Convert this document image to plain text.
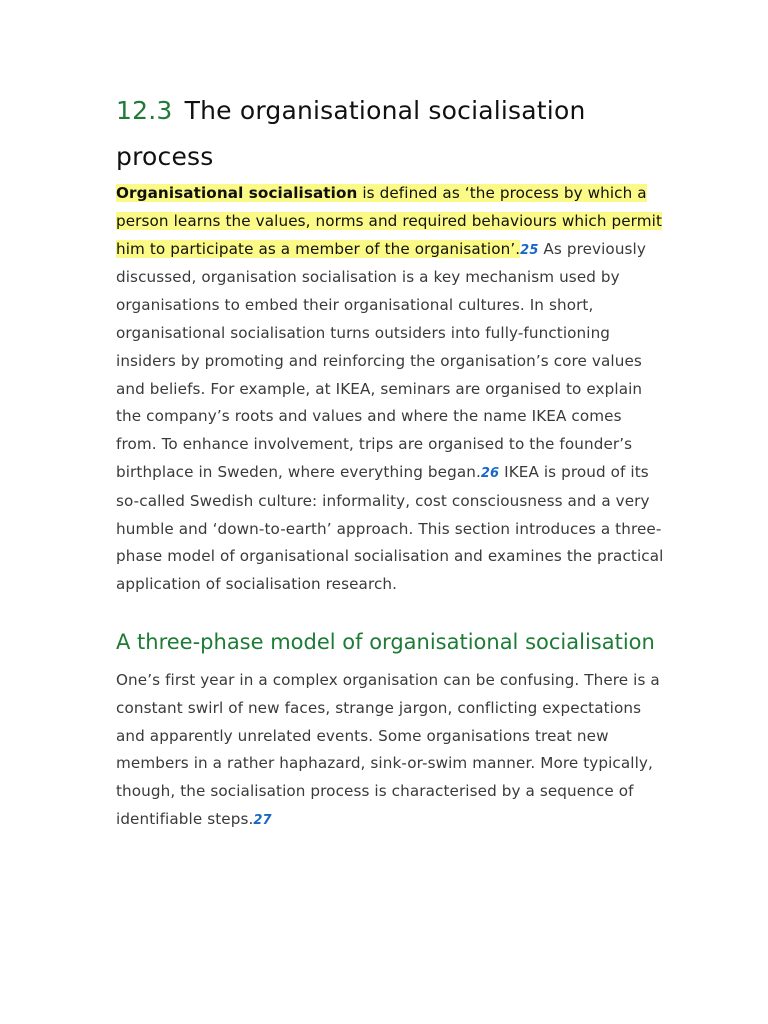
12.3 The organisational socialisation process

Organisational socialisation is defined as ‘the process by which a person learns the values, norms and required behaviours which permit him to participate as a member of the organisation’.25 As previously discussed, organisation socialisation is a key mechanism used by organisations to embed their organisational cultures. In short, organisational socialisation turns outsiders into fully-functioning insiders by promoting and reinforcing the organisation’s core values and beliefs. For example, at IKEA, seminars are organised to explain the company’s roots and values and where the name IKEA comes from. To enhance involvement, trips are organised to the founder’s birthplace in Sweden, where everything began.26 IKEA is proud of its so-called Swedish culture: informality, cost consciousness and a very humble and ‘down-to-earth’ approach. This section introduces a three-phase model of organisational socialisation and examines the practical application of socialisation research.

A three-phase model of organisational socialisation

One’s first year in a complex organisation can be confusing. There is a constant swirl of new faces, strange jargon, conflicting expectations and apparently unrelated events. Some organisations treat new members in a rather haphazard, sink-or-swim manner. More typically, though, the socialisation process is characterised by a sequence of identifiable steps.27
